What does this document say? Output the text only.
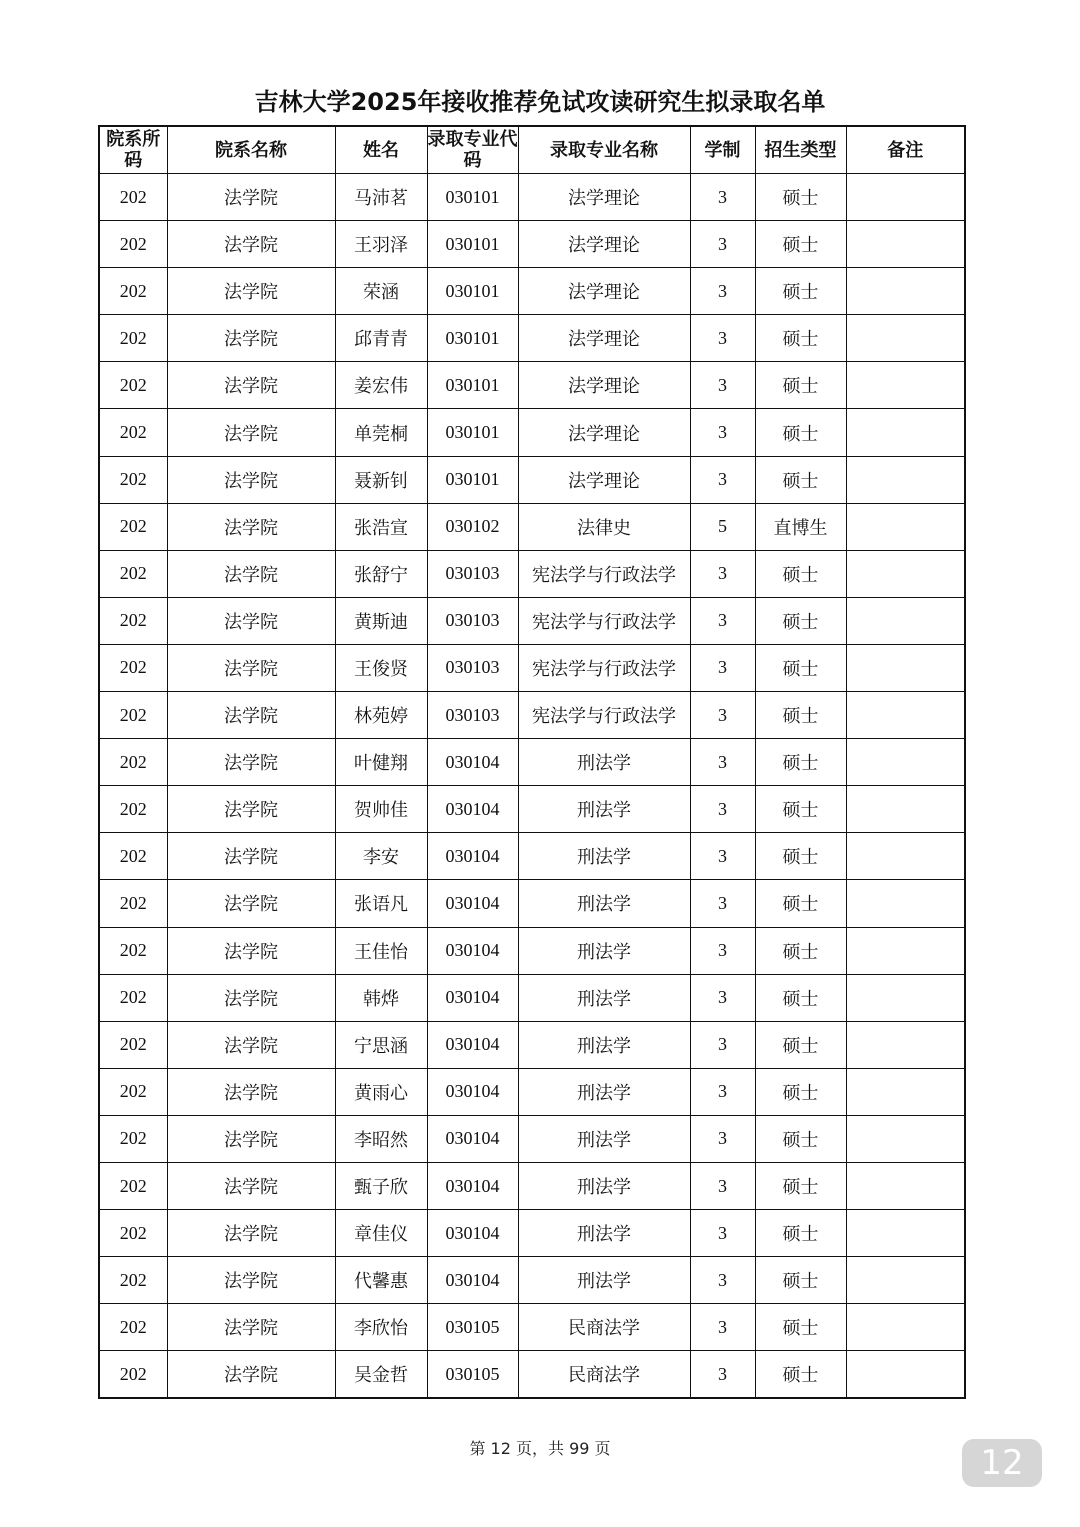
吉林大学2025年接收推荐免试攻读研究生拟录取名单
院系所码	院系名称	姓名	录取专业代码	录取专业名称	学制	招生类型	备注
202	法学院	马沛茗	030101	法学理论	3	硕士	
202	法学院	王羽泽	030101	法学理论	3	硕士	
202	法学院	荣涵	030101	法学理论	3	硕士	
202	法学院	邱青青	030101	法学理论	3	硕士	
202	法学院	姜宏伟	030101	法学理论	3	硕士	
202	法学院	单莞桐	030101	法学理论	3	硕士	
202	法学院	聂新钊	030101	法学理论	3	硕士	
202	法学院	张浩宣	030102	法律史	5	直博生	
202	法学院	张舒宁	030103	宪法学与行政法学	3	硕士	
202	法学院	黄斯迪	030103	宪法学与行政法学	3	硕士	
202	法学院	王俊贤	030103	宪法学与行政法学	3	硕士	
202	法学院	林苑婷	030103	宪法学与行政法学	3	硕士	
202	法学院	叶健翔	030104	刑法学	3	硕士	
202	法学院	贺帅佳	030104	刑法学	3	硕士	
202	法学院	李安	030104	刑法学	3	硕士	
202	法学院	张语凡	030104	刑法学	3	硕士	
202	法学院	王佳怡	030104	刑法学	3	硕士	
202	法学院	韩烨	030104	刑法学	3	硕士	
202	法学院	宁思涵	030104	刑法学	3	硕士	
202	法学院	黄雨心	030104	刑法学	3	硕士	
202	法学院	李昭然	030104	刑法学	3	硕士	
202	法学院	甄子欣	030104	刑法学	3	硕士	
202	法学院	章佳仪	030104	刑法学	3	硕士	
202	法学院	代馨惠	030104	刑法学	3	硕士	
202	法学院	李欣怡	030105	民商法学	3	硕士	
202	法学院	吴金哲	030105	民商法学	3	硕士	
第 12 页，共 99 页	12
